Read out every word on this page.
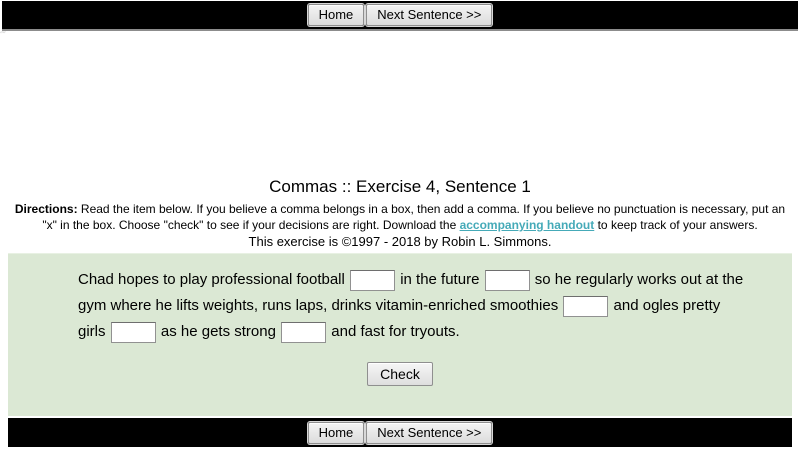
Home	Next Sentence >>
⁗
Commas :: Exercise 4, Sentence 1

Directions: Read the item below. If you believe a comma belongs in a box, then add a comma. If you believe no punctuation is necessary, put an "x" in the box. Choose "check" to see if your decisions are right. Download the accompanying handout to keep track of your answers.

This exercise is ©1997 - 2018 by Robin L. Simmons.

Chad hopes to play professional football	in the future	so he regularly works out at the gym where he lifts weights, runs laps, drinks vitamin-enriched smoothies	and ogles pretty girls	as he gets strong	and fast for tryouts.

Check
Home	Next Sentence >>
